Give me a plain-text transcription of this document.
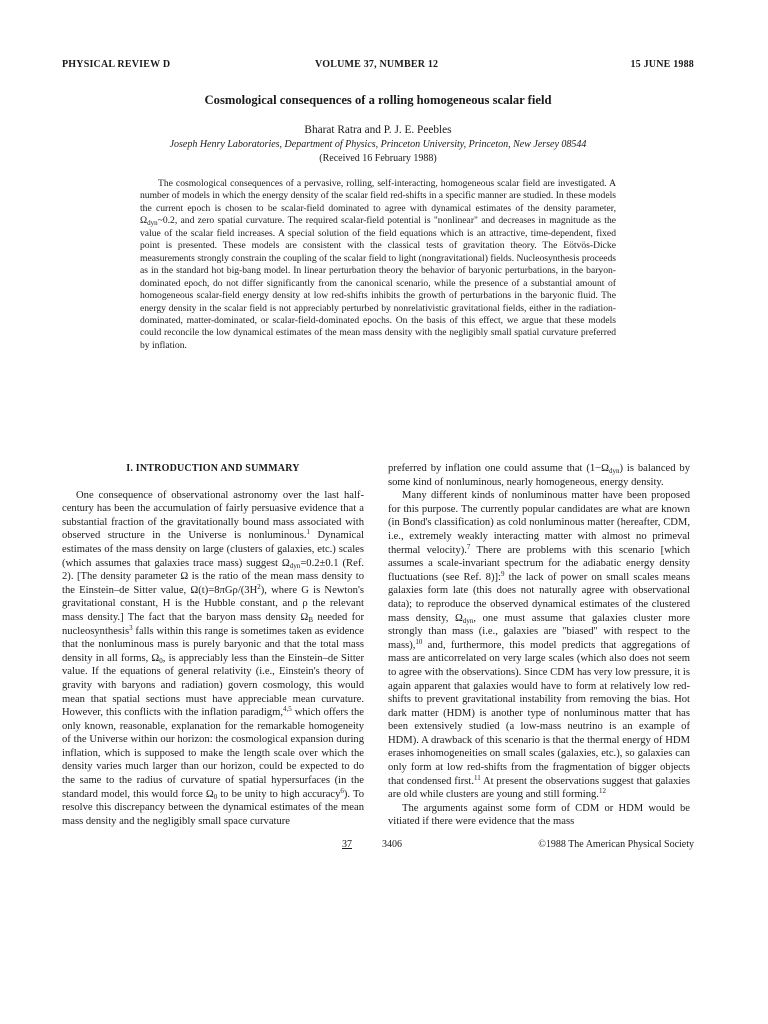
PHYSICAL REVIEW D	VOLUME 37, NUMBER 12	15 JUNE 1988
Cosmological consequences of a rolling homogeneous scalar field
Bharat Ratra and P. J. E. Peebles
Joseph Henry Laboratories, Department of Physics, Princeton University, Princeton, New Jersey 08544
(Received 16 February 1988)
The cosmological consequences of a pervasive, rolling, self-interacting, homogeneous scalar field are investigated. A number of models in which the energy density of the scalar field red-shifts in a specific manner are studied. In these models the current epoch is chosen to be scalar-field dominated to agree with dynamical estimates of the density parameter, $\Omega_{dyn}\sim 0.2$, and zero spatial curvature. The required scalar-field potential is "nonlinear" and decreases in magnitude as the value of the scalar field increases. A special solution of the field equations which is an attractive, time-dependent, fixed point is presented. These models are consistent with the classical tests of gravitation theory. The Eötvös-Dicke measurements strongly constrain the coupling of the scalar field to light (nongravitational) fields. Nucleosynthesis proceeds as in the standard hot big-bang model. In linear perturbation theory the behavior of baryonic perturbations, in the baryon-dominated epoch, do not differ significantly from the canonical scenario, while the presence of a substantial amount of homogeneous scalar-field energy density at low red-shifts inhibits the growth of perturbations in the baryonic fluid. The energy density in the scalar field is not appreciably perturbed by nonrelativistic gravitational fields, either in the radiation-dominated, matter-dominated, or scalar-field-dominated epochs. On the basis of this effect, we argue that these models could reconcile the low dynamical estimates of the mean mass density with the negligibly small spatial curvature preferred by inflation.
I. INTRODUCTION AND SUMMARY

One consequence of observational astronomy over the last half-century has been the accumulation of fairly persuasive evidence that a substantial fraction of the gravitationally bound mass associated with observed structure in the Universe is nonluminous.$^1$ Dynamical estimates of the mass density on large (clusters of galaxies, etc.) scales (which assumes that galaxies trace mass) suggest $\Omega_{dyn}=0.2\pm 0.1$ (Ref. 2). [The density parameter Ω is the ratio of the mean mass density to the Einstein–de Sitter value, $\Omega(t)=8\pi G\rho/(3H^2)$, where G is Newton's gravitational constant, H is the Hubble constant, and ρ the relevant mass density.] The fact that the baryon mass density $\Omega_B$ needed for nucleosynthesis$^3$ falls within this range is sometimes taken as evidence that the nonluminous mass is purely baryonic and that the total mass density in all forms, $\Omega_0$, is appreciably less than the Einstein–de Sitter value. If the equations of general relativity (i.e., Einstein's theory of gravity with baryons and radiation) govern cosmology, this would mean that spatial sections must have appreciable mean curvature. However, this conflicts with the inflation paradigm,$^{4,5}$ which offers the only known, reasonable, explanation for the remarkable homogeneity of the Universe within our horizon: the cosmological expansion during inflation, which is supposed to make the length scale over which the density varies much larger than our horizon, could be expected to do the same to the radius of curvature of spatial hypersurfaces (in the standard model, this would force $\Omega_0$ to be unity to high accuracy$^6$). To resolve this discrepancy between the dynamical estimates of the mean mass density and the negligibly small space curvature

preferred by inflation one could assume that $(1-\Omega_{dyn})$ is balanced by some kind of nonluminous, nearly homogeneous, energy density.

Many different kinds of nonluminous matter have been proposed for this purpose. The currently popular candidates are what are known (in Bond's classification) as cold nonluminous matter (hereafter, CDM, i.e., extremely weakly interacting matter with almost no primeval thermal velocity).$^7$ There are problems with this scenario [which assumes a scale-invariant spectrum for the adiabatic energy density fluctuations (see Ref. 8)]:$^9$ the lack of power on small scales means galaxies form late (this does not naturally agree with observational data); to reproduce the observed dynamical estimates of the clustered mass density, $\Omega_{dyn}$, one must assume that galaxies cluster more strongly than mass (i.e., galaxies are "biased" with respect to the mass),$^{10}$ and, furthermore, this model predicts that aggregations of mass are anticorrelated on very large scales (which also does not seem to agree with the observations). Since CDM has very low pressure, it is again apparent that galaxies would have to form at relatively low red-shifts to prevent gravitational instability from removing the bias. Hot dark matter (HDM) is another type of nonluminous matter that has been extensively studied (a low-mass neutrino is an example of HDM). A drawback of this scenario is that the thermal energy of HDM erases inhomogeneities on small scales (galaxies, etc.), so galaxies can only form at low red-shifts from the fragmentation of bigger objects that condensed first.$^{11}$ At present the observations suggest that galaxies are old while clusters are young and still forming.$^{12}$

The arguments against some form of CDM or HDM would be vitiated if there were evidence that the mass

37	3406	©1988 The American Physical Society
